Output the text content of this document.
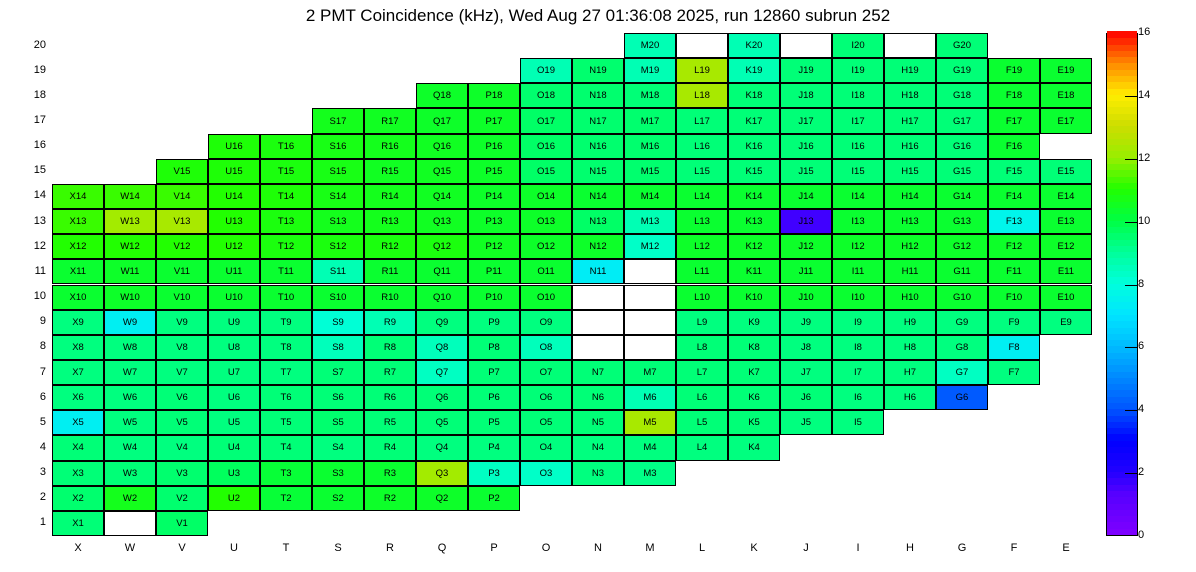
2 PMT Coincidence (kHz), Wed Aug 27 01:36:08 2025, run 12860 subrun 252
X1	V1
X2	W2	V2	U2	T2	S2	R2	Q2	P2
X3	W3	V3	U3	T3	S3	R3	Q3	P3	O3	N3	M3
X4	W4	V4	U4	T4	S4	R4	Q4	P4	O4	N4	M4	L4	K4
X5	W5	V5	U5	T5	S5	R5	Q5	P5	O5	N5	M5	L5	K5	J5	I5
X6	W6	V6	U6	T6	S6	R6	Q6	P6	O6	N6	M6	L6	K6	J6	I6	H6	G6
X7	W7	V7	U7	T7	S7	R7	Q7	P7	O7	N7	M7	L7	K7	J7	I7	H7	G7	F7
X8	W8	V8	U8	T8	S8	R8	Q8	P8	O8	L8	K8	J8	I8	H8	G8	F8
X9	W9	V9	U9	T9	S9	R9	Q9	P9	O9	L9	K9	J9	I9	H9	G9	F9	E9
X10	W10	V10	U10	T10	S10	R10	Q10	P10	O10	L10	K10	J10	I10	H10	G10	F10	E10
X11	W11	V11	U11	T11	S11	R11	Q11	P11	O11	N11	L11	K11	J11	I11	H11	G11	F11	E11
X12	W12	V12	U12	T12	S12	R12	Q12	P12	O12	N12	M12	L12	K12	J12	I12	H12	G12	F12	E12
X13	W13	V13	U13	T13	S13	R13	Q13	P13	O13	N13	M13	L13	K13	J13	I13	H13	G13	F13	E13
X14	W14	V14	U14	T14	S14	R14	Q14	P14	O14	N14	M14	L14	K14	J14	I14	H14	G14	F14	E14
V15	U15	T15	S15	R15	Q15	P15	O15	N15	M15	L15	K15	J15	I15	H15	G15	F15	E15
U16	T16	S16	R16	Q16	P16	O16	N16	M16	L16	K16	J16	I16	H16	G16	F16
S17	R17	Q17	P17	O17	N17	M17	L17	K17	J17	I17	H17	G17	F17	E17
Q18	P18	O18	N18	M18	L18	K18	J18	I18	H18	G18	F18	E18
O19	N19	M19	L19	K19	J19	I19	H19	G19	F19	E19
M20	K20	I20	G20
1
2
3
4
5
6
7
8
9
10
11
12
13
14
15
16
17
18
19
20
X	W	V	U	T	S	R	Q	P	O	N	M	L	K	J	I	H	G	F	E
0
2
4
6
8
10
12
14
16
